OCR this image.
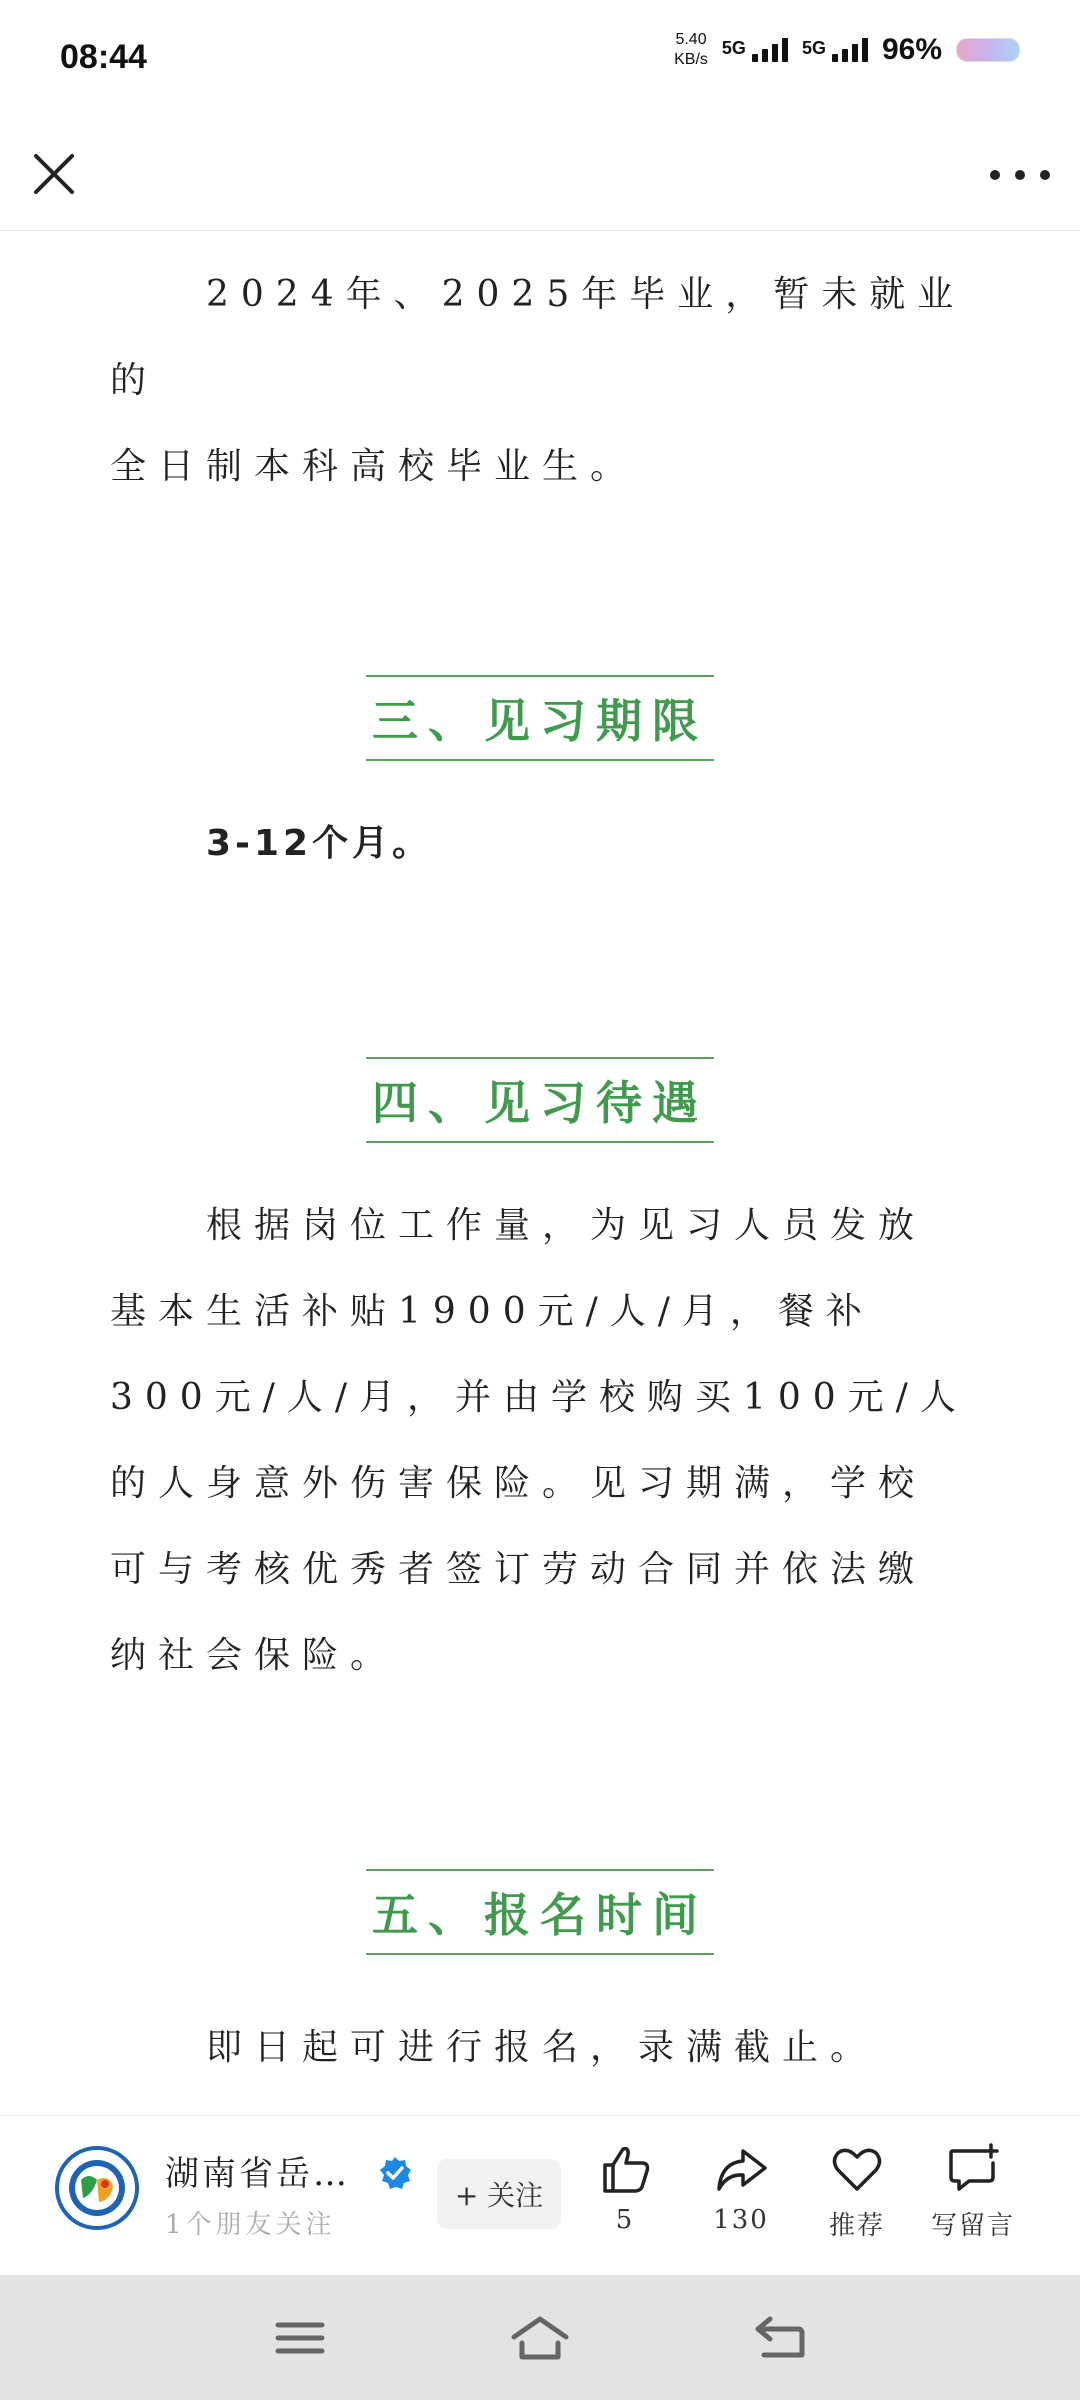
08:44	5.40
KB/s
5G	5G 96%

2024年、2025年毕业，暂未就业的

全日制本科高校毕业生。

三、见习期限

3-12个月。

四、见习待遇

根据岗位工作量，为见习人员发放基本生活补贴1900元/人/月，餐补300元/人/月，并由学校购买100元/人的人身意外伤害保险。见习期满，学校可与考核优秀者签订劳动合同并依法缴纳社会保险。

五、报名时间

即日起可进行报名，录满截止。

湖南省岳…
1个朋友关注
+ 关注
5	130 推荐 写留言
